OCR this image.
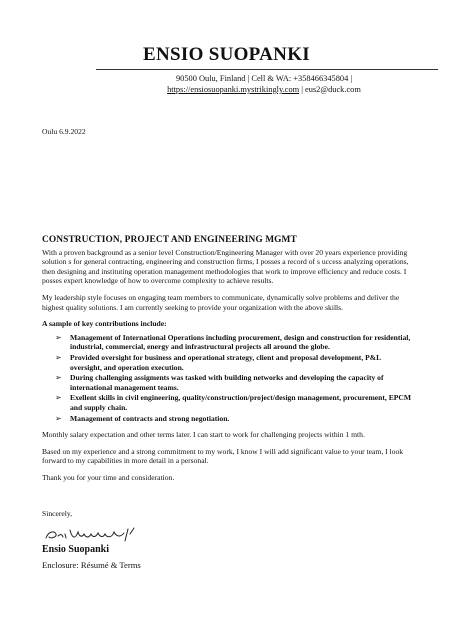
ENSIO SUOPANKI
90500 Oulu, Finland | Cell & WA: +358466345804 |
https://ensiosuopanki.mystrikingly.com | eus2@duck.com
Oulu 6.9.2022
CONSTRUCTION, PROJECT AND ENGINEERING MGMT

With a proven background as a senior level Construction/Engineering Manager with over 20 years experience providing solution s for general contracting, engineering and construction firms, I posses a record of s uccess analyzing operations, then designing and instituting operation management methodologies that work to improve efficiency and reduce costs. I posses expert knowledge of how to overcome complexity to achieve results.

My leadership style focuses on engaging team members to communicate, dynamically solve problems and deliver the highest quality solutions. I am currently seeking to provide your organization with the above skills.

A sample of key contributions include:
➢ Management of International Operations including procurement, design and construction for residential, industrial, commercial, energy and infrastructural projects all around the globe.
➢ Provided oversight for business and operational strategy, client and proposal development, P&L oversight, and operation execution.
➢ During challenging assigments was tasked with building networks and developing the capacity of international management teams.
➢ Exellent skills in civil engineering, quality/construction/project/design management, procurement, EPCM and supply chain.
➢ Management of contracts and strong negotiation.

Monthly salary expectation and other terms later. I can start to work for challenging projects within 1 mth.

Based on my experience and a strong commitment to my work, I know I will add significant value to your team, I look forward to my capabilities in more detail in a personal.

Thank you for your time and consideration.

Sincerely,
Ensio Suopanki
Enclosure: Résumé & Terms
